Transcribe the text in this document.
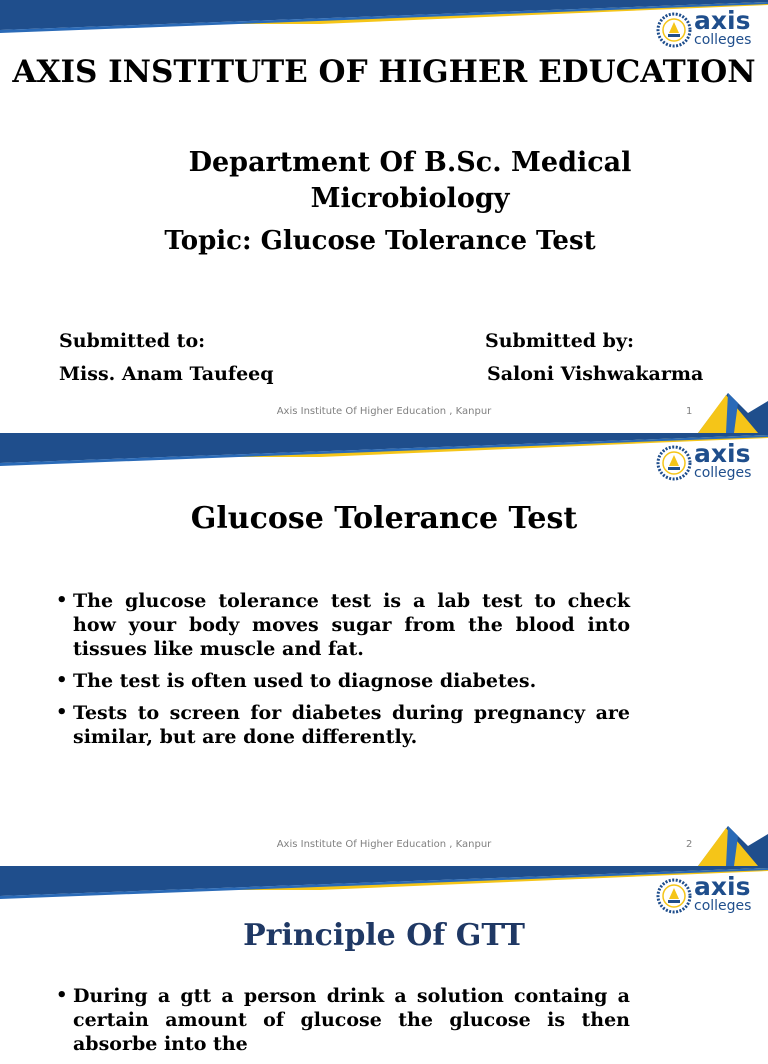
axis
colleges
AXIS INSTITUTE OF HIGHER EDUCATION
Department Of B.Sc. Medical Microbiology
Topic: Glucose Tolerance Test
Submitted to:
Miss. Anam Taufeeq
Submitted by:
Saloni Vishwakarma
Axis Institute Of Higher Education , Kanpur	1
axis
colleges
Glucose Tolerance Test
• The glucose tolerance test is a lab test to check how your body moves sugar from the blood into tissues like muscle and fat.
• The test is often used to diagnose diabetes.
• Tests to screen for diabetes during pregnancy are similar, but are done differently.
Axis Institute Of Higher Education , Kanpur	2
axis
colleges
Principle Of GTT
• During a gtt a person drink a solution containg a certain amount of glucose the glucose is then absorbe into the
